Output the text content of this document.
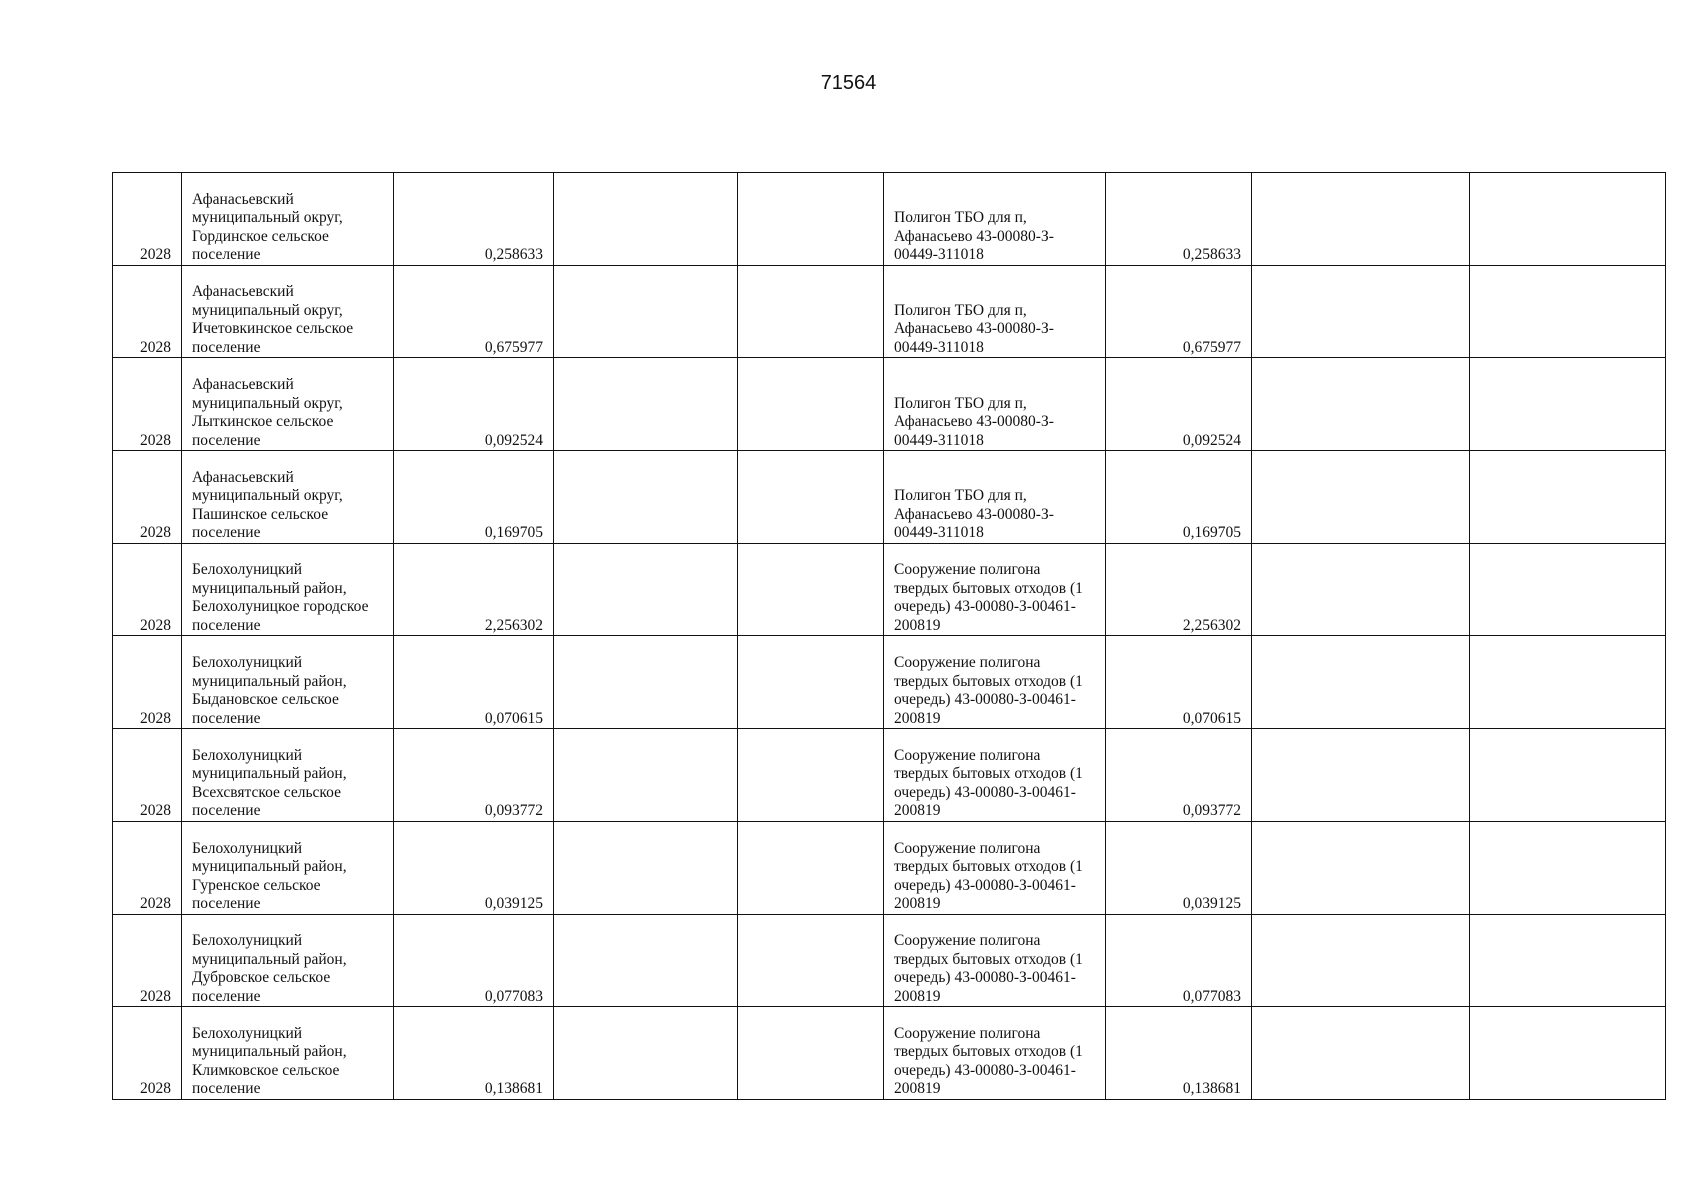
71564
2028	Афанасьевский
муниципальный округ,
Гординское сельское
поселение	0,258633			Полигон ТБО для п,
Афанасьево 43-00080-З-
00449-311018	0,258633		
2028	Афанасьевский
муниципальный округ,
Ичетовкинское сельское
поселение	0,675977			Полигон ТБО для п,
Афанасьево 43-00080-З-
00449-311018	0,675977		
2028	Афанасьевский
муниципальный округ,
Лыткинское сельское
поселение	0,092524			Полигон ТБО для п,
Афанасьево 43-00080-З-
00449-311018	0,092524		
2028	Афанасьевский
муниципальный округ,
Пашинское сельское
поселение	0,169705			Полигон ТБО для п,
Афанасьево 43-00080-З-
00449-311018	0,169705		
2028	Белохолуницкий
муниципальный район,
Белохолуницкое городское
поселение	2,256302			Сооружение полигона
твердых бытовых отходов (1
очередь) 43-00080-З-00461-
200819	2,256302		
2028	Белохолуницкий
муниципальный район,
Быдановское сельское
поселение	0,070615			Сооружение полигона
твердых бытовых отходов (1
очередь) 43-00080-З-00461-
200819	0,070615		
2028	Белохолуницкий
муниципальный район,
Всехсвятское сельское
поселение	0,093772			Сооружение полигона
твердых бытовых отходов (1
очередь) 43-00080-З-00461-
200819	0,093772		
2028	Белохолуницкий
муниципальный район,
Гуренское сельское
поселение	0,039125			Сооружение полигона
твердых бытовых отходов (1
очередь) 43-00080-З-00461-
200819	0,039125		
2028	Белохолуницкий
муниципальный район,
Дубровское сельское
поселение	0,077083			Сооружение полигона
твердых бытовых отходов (1
очередь) 43-00080-З-00461-
200819	0,077083		
2028	Белохолуницкий
муниципальный район,
Климковское сельское
поселение	0,138681			Сооружение полигона
твердых бытовых отходов (1
очередь) 43-00080-З-00461-
200819	0,138681		
